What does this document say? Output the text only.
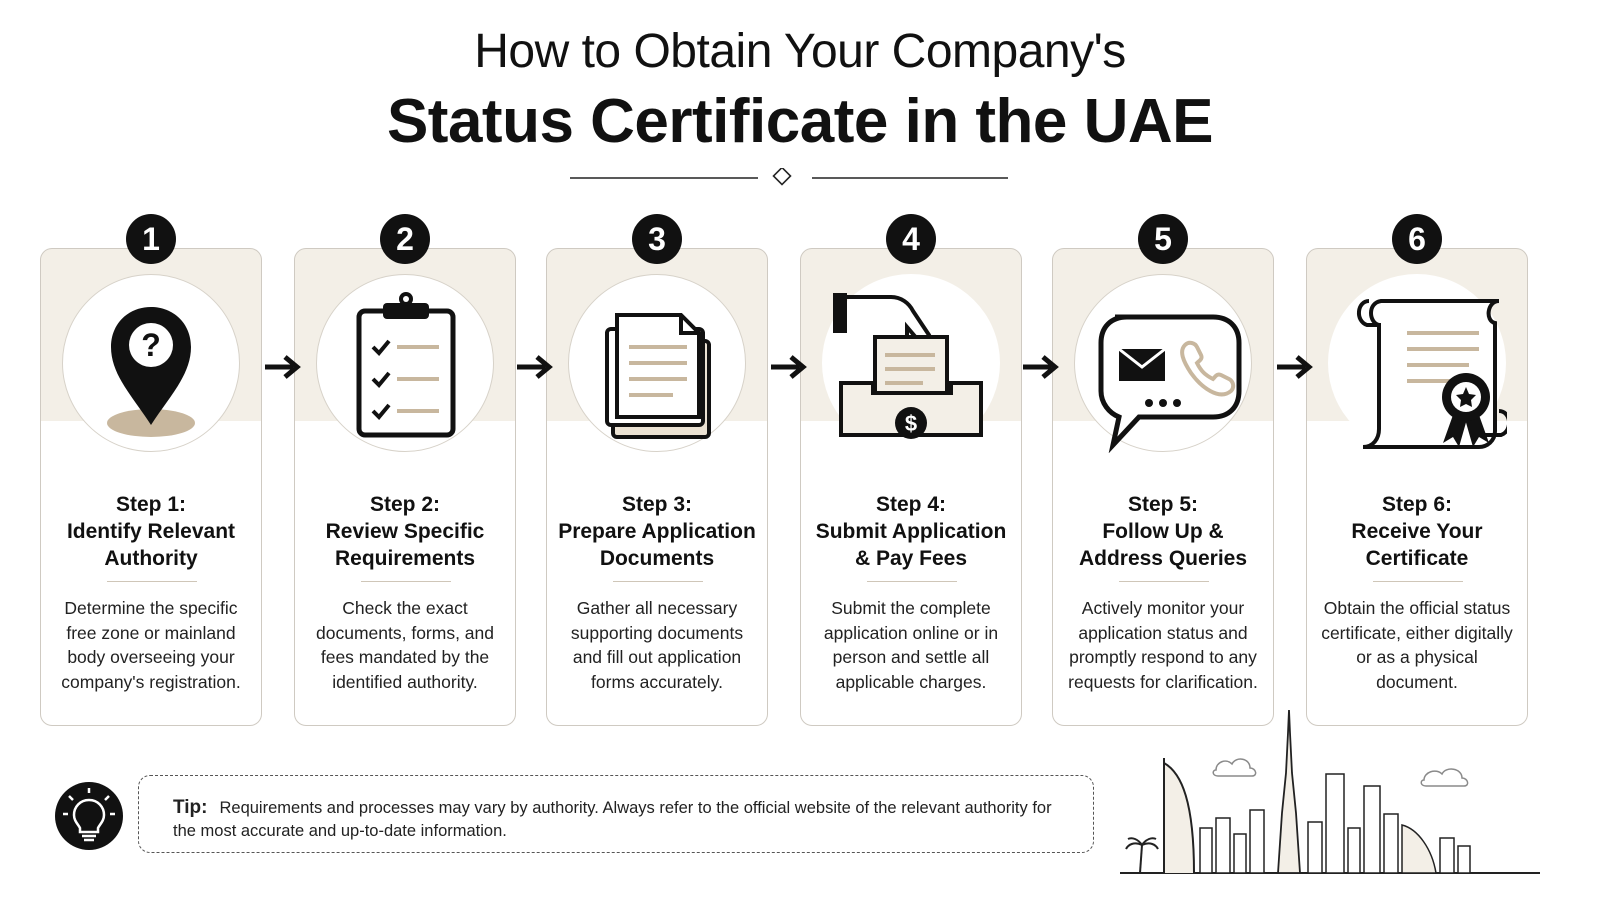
How to Obtain Your Company's
Status Certificate in the UAE
?
Step 1:
Identify Relevant Authority
Determine the specific free zone or mainland body overseeing your company's registration.
Step 2:
Review Specific Requirements
Check the exact documents, forms, and fees mandated by the identified authority.
Step 3:
Prepare Application Documents
Gather all necessary supporting documents and fill out application forms accurately.
$
Step 4:
Submit Application & Pay Fees
Submit the complete application online or in person and settle all applicable charges.
Step 5:
Follow Up & Address Queries
Actively monitor your application status and promptly respond to any requests for clarification.
Step 6:
Receive Your Certificate
Obtain the official status certificate, either digitally or as a physical document.
1	2	3	4	5	6
Tip: Requirements and processes may vary by authority. Always refer to the official website of the relevant authority for the most accurate and up-to-date information.
